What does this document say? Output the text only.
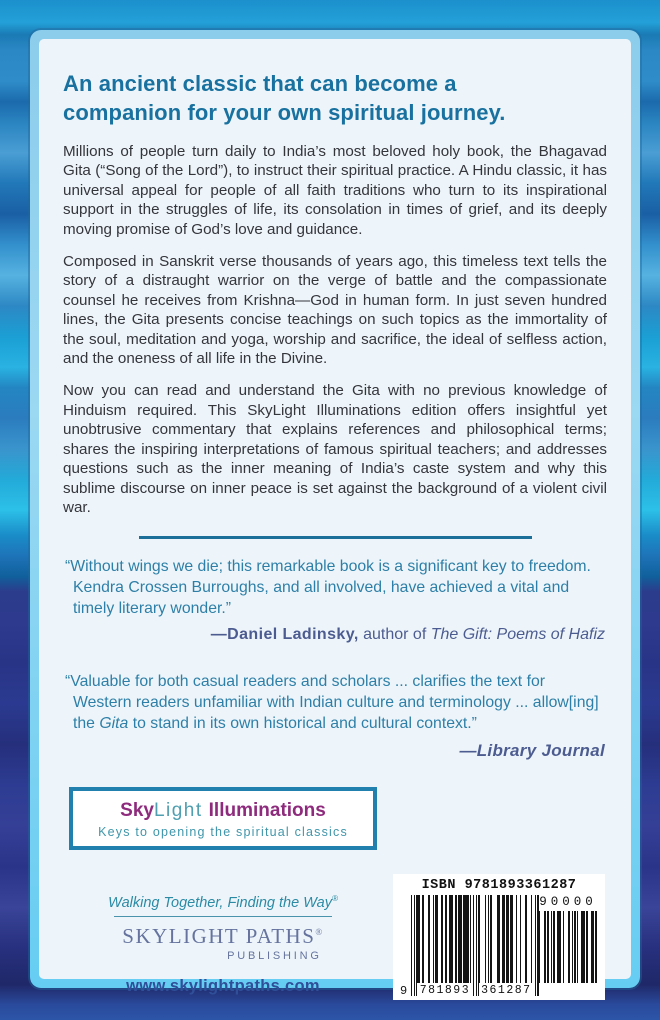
An ancient classic that can become a
companion for your own spiritual journey.

Millions of people turn daily to India’s most beloved holy book, the Bhagavad Gita (“Song of the Lord”), to instruct their spiritual practice. A Hindu classic, it has universal appeal for people of all faith traditions who turn to its inspirational support in the struggles of life, its consolation in times of grief, and its deeply moving promise of God’s love and guidance.

Composed in Sanskrit verse thousands of years ago, this timeless text tells the story of a distraught warrior on the verge of battle and the compassionate counsel he receives from Krishna—God in human form. In just seven hundred lines, the Gita presents concise teachings on such topics as the immortality of the soul, meditation and yoga, worship and sacrifice, the ideal of selfless action, and the oneness of all life in the Divine.

Now you can read and understand the Gita with no previous knowledge of Hinduism required. This SkyLight Illuminations edition offers insightful yet unobtrusive commentary that explains references and philosophical terms; shares the inspiring interpretations of famous spiritual teachers; and addresses questions such as the inner meaning of India’s caste system and why this sublime discourse on inner peace is set against the background of a violent civil war.

“Without wings we die; this remarkable book is a significant key to freedom. Kendra Crossen Burroughs, and all involved, have achieved a vital and timely literary wonder.”

—Daniel Ladinsky, author of The Gift: Poems of Hafiz

“Valuable for both casual readers and scholars ... clarifies the text for Western readers unfamiliar with Indian culture and terminology ... allow[ing] the Gita to stand in its own historical and cultural context.”

—Library Journal

SkyLight Illuminations
Keys to opening the spiritual classics
Walking Together, Finding the Way®
SKYLIGHT PATHS®
PUBLISHING
www.skylightpaths.com
ISBN 9781893361287
9 781893 361287
90000
